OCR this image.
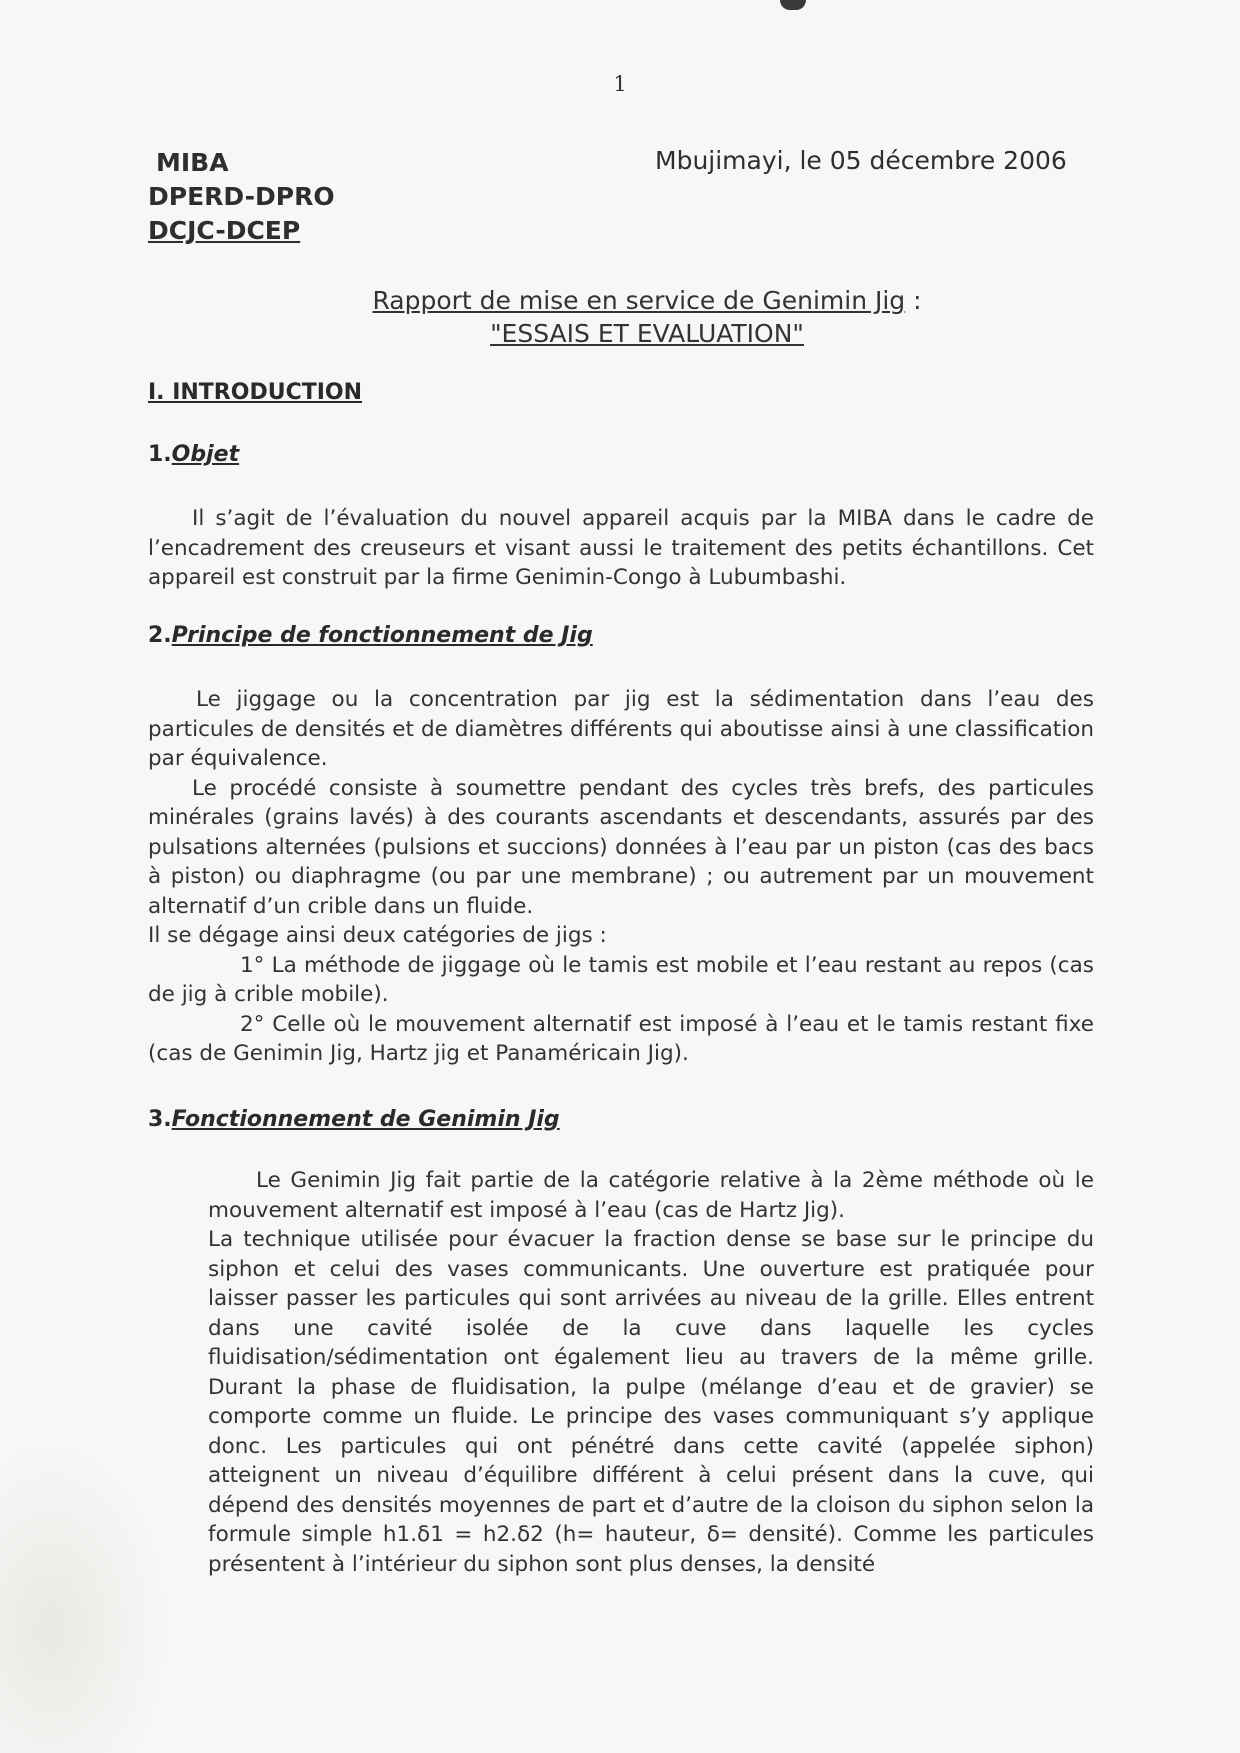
1
MIBA
DPERD-DPRO
DCJC-DCEP
Mbujimayi, le 05 décembre 2006
Rapport de mise en service de Genimin Jig :
"ESSAIS ET EVALUATION"
I. INTRODUCTION
1.Objet

Il s’agit de l’évaluation du nouvel appareil acquis par la MIBA dans le cadre de l’encadrement des creuseurs et visant aussi le traitement des petits échantillons. Cet appareil est construit par la firme Genimin-Congo à Lubumbashi.

2.Principe de fonctionnement de Jig

Le jiggage ou la concentration par jig est la sédimentation dans l’eau des particules de densités et de diamètres différents qui aboutisse ainsi à une classification par équivalence.

Le procédé consiste à soumettre pendant des cycles très brefs, des particules minérales (grains lavés) à des courants ascendants et descendants, assurés par des pulsations alternées (pulsions et succions) données à l’eau par un piston (cas des bacs à piston) ou diaphragme (ou par une membrane) ; ou autrement par un mouvement alternatif d’un crible dans un fluide.

Il se dégage ainsi deux catégories de jigs :

1° La méthode de jiggage où le tamis est mobile et l’eau restant au repos (cas de jig à crible mobile).

2° Celle où le mouvement alternatif est imposé à l’eau et le tamis restant fixe (cas de Genimin Jig, Hartz jig et Panaméricain Jig).

3.Fonctionnement de Genimin Jig

Le Genimin Jig fait partie de la catégorie relative à la 2ème méthode où le mouvement alternatif est imposé à l’eau (cas de Hartz Jig).

La technique utilisée pour évacuer la fraction dense se base sur le principe du siphon et celui des vases communicants. Une ouverture est pratiquée pour laisser passer les particules qui sont arrivées au niveau de la grille. Elles entrent dans une cavité isolée de la cuve dans laquelle les cycles fluidisation/sédimentation ont également lieu au travers de la même grille. Durant la phase de fluidisation, la pulpe (mélange d’eau et de gravier) se comporte comme un fluide. Le principe des vases communiquant s’y applique donc. Les particules qui ont pénétré dans cette cavité (appelée siphon) atteignent un niveau d’équilibre différent à celui présent dans la cuve, qui dépend des densités moyennes de part et d’autre de la cloison du siphon selon la formule simple h1.δ1 = h2.δ2 (h= hauteur, δ= densité). Comme les particules présentent à l’intérieur du siphon sont plus denses, la densité
